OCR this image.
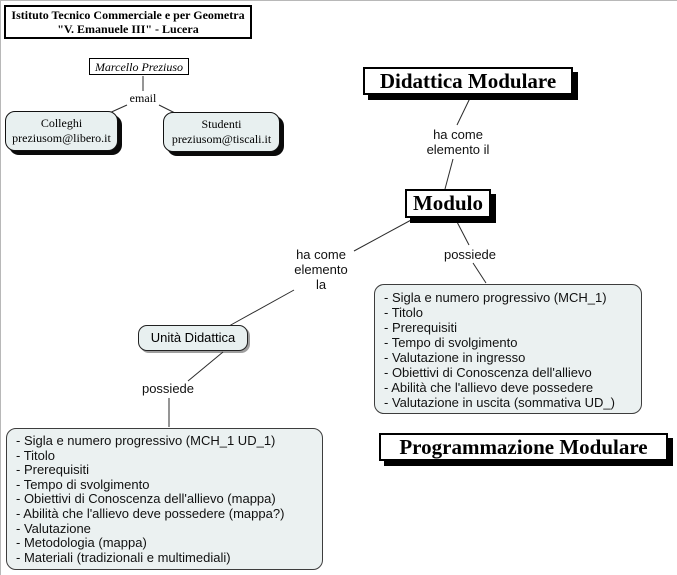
Istituto Tecnico Commerciale e per Geometra
"V. Emanuele III" - Lucera
Marcello Preziuso
email
Colleghi
preziusom@libero.it
Studenti
preziusom@tiscali.it
Didattica Modulare
ha come
elemento il
Modulo
ha come
elemento
la
possiede
- Sigla e numero progressivo (MCH_1)
- Titolo
- Prerequisiti
- Tempo di svolgimento
- Valutazione in ingresso
- Obiettivi di Conoscenza dell'allievo
- Abilità che l'allievo deve possedere
- Valutazione in uscita (sommativa UD_)
Unità Didattica
possiede
- Sigla e numero progressivo (MCH_1 UD_1)
- Titolo
- Prerequisiti
- Tempo di svolgimento
- Obiettivi di Conoscenza dell'allievo (mappa)
- Abilità che l'allievo deve possedere (mappa?)
- Valutazione
- Metodologia (mappa)
- Materiali (tradizionali e multimediali)
Programmazione Modulare
